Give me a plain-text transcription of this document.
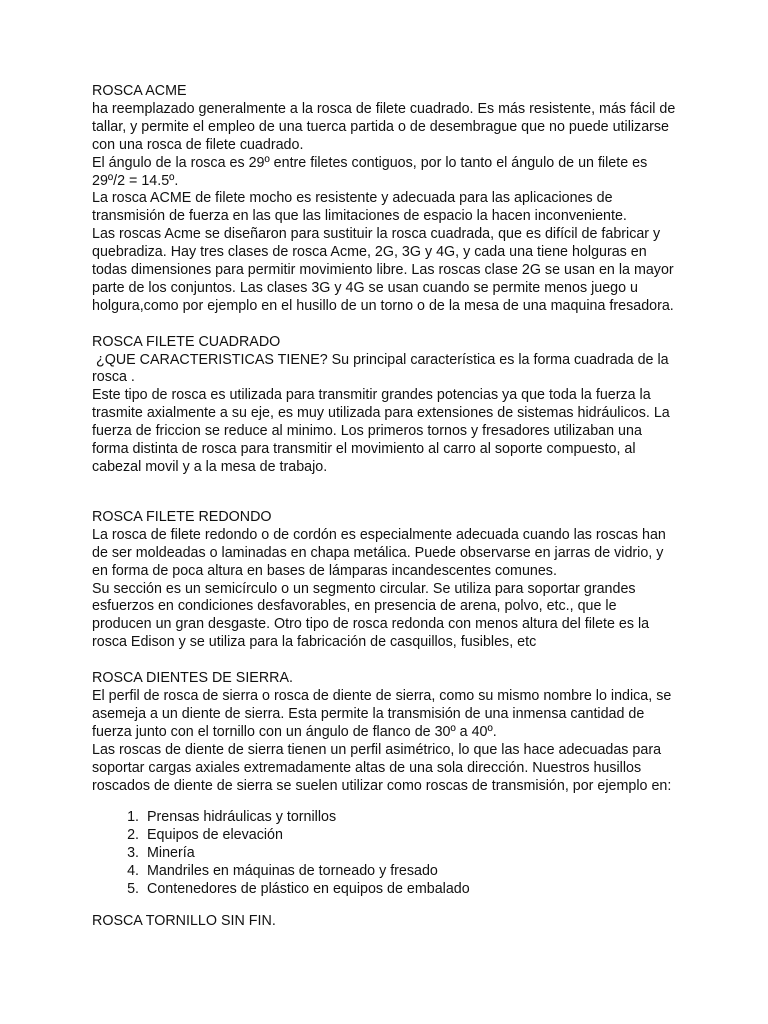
ROSCA ACME
ha reemplazado generalmente a la rosca de filete cuadrado. Es más resistente, más fácil de
tallar, y permite el empleo de una tuerca partida o de desembrague que no puede utilizarse
con una rosca de filete cuadrado.
El ángulo de la rosca es 29º entre filetes contiguos, por lo tanto el ángulo de un filete es
29º/2 = 14.5º.
La rosca ACME de filete mocho es resistente y adecuada para las aplicaciones de
transmisión de fuerza en las que las limitaciones de espacio la hacen inconveniente.
Las roscas Acme se diseñaron para sustituir la rosca cuadrada, que es difícil de fabricar y
quebradiza. Hay tres clases de rosca Acme, 2G, 3G y 4G, y cada una tiene holguras en
todas dimensiones para permitir movimiento libre. Las roscas clase 2G se usan en la mayor
parte de los conjuntos. Las clases 3G y 4G se usan cuando se permite menos juego u
holgura,como por ejemplo en el husillo de un torno o de la mesa de una maquina fresadora.
ROSCA FILETE CUADRADO
¿QUE CARACTERISTICAS TIENE? Su principal característica es la forma cuadrada de la
rosca .
Este tipo de rosca es utilizada para transmitir grandes potencias ya que toda la fuerza la
trasmite axialmente a su eje, es muy utilizada para extensiones de sistemas hidráulicos. La
fuerza de friccion se reduce al minimo. Los primeros tornos y fresadores utilizaban una
forma distinta de rosca para transmitir el movimiento al carro al soporte compuesto, al
cabezal movil y a la mesa de trabajo.
ROSCA FILETE REDONDO
La rosca de filete redondo o de cordón es especialmente adecuada cuando las roscas han
de ser moldeadas o laminadas en chapa metálica. Puede observarse en jarras de vidrio, y
en forma de poca altura en bases de lámparas incandescentes comunes.
Su sección es un semicírculo o un segmento circular. Se utiliza para soportar grandes
esfuerzos en condiciones desfavorables, en presencia de arena, polvo, etc., que le
producen un gran desgaste. Otro tipo de rosca redonda con menos altura del filete es la
rosca Edison y se utiliza para la fabricación de casquillos, fusibles, etc
ROSCA DIENTES DE SIERRA.
El perfil de rosca de sierra o rosca de diente de sierra, como su mismo nombre lo indica, se
asemeja a un diente de sierra. Esta permite la transmisión de una inmensa cantidad de
fuerza junto con el tornillo con un ángulo de flanco de 30º a 40º.
Las roscas de diente de sierra tienen un perfil asimétrico, lo que las hace adecuadas para
soportar cargas axiales extremadamente altas de una sola dirección. Nuestros husillos
roscados de diente de sierra se suelen utilizar como roscas de transmisión, por ejemplo en:
1. Prensas hidráulicas y tornillos
2. Equipos de elevación
3. Minería
4. Mandriles en máquinas de torneado y fresado
5. Contenedores de plástico en equipos de embalado
ROSCA TORNILLO SIN FIN.
